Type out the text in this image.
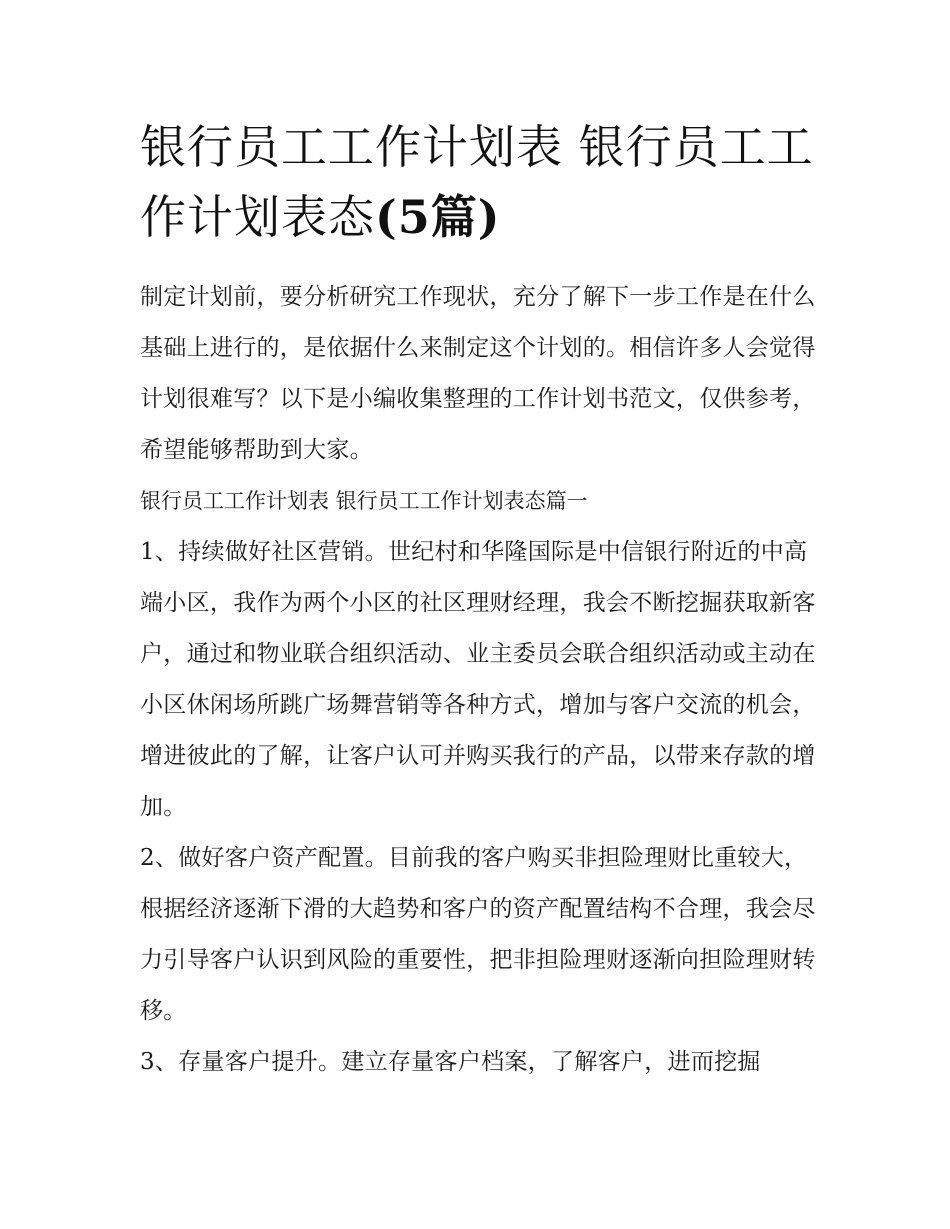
银行员工工作计划表 银行员工工作计划表态(5篇)

制定计划前，要分析研究工作现状，充分了解下一步工作是在什么基础上进行的，是依据什么来制定这个计划的。相信许多人会觉得计划很难写？以下是小编收集整理的工作计划书范文，仅供参考，希望能够帮助到大家。

银行员工工作计划表 银行员工工作计划表态篇一

1、持续做好社区营销。世纪村和华隆国际是中信银行附近的中高端小区，我作为两个小区的社区理财经理，我会不断挖掘获取新客户，通过和物业联合组织活动、业主委员会联合组织活动或主动在小区休闲场所跳广场舞营销等各种方式，增加与客户交流的机会，增进彼此的了解，让客户认可并购买我行的产品，以带来存款的增加。

2、做好客户资产配置。目前我的客户购买非担险理财比重较大，根据经济逐渐下滑的大趋势和客户的资产配置结构不合理，我会尽力引导客户认识到风险的重要性，把非担险理财逐渐向担险理财转移。

3、存量客户提升。建立存量客户档案，了解客户，进而挖掘
